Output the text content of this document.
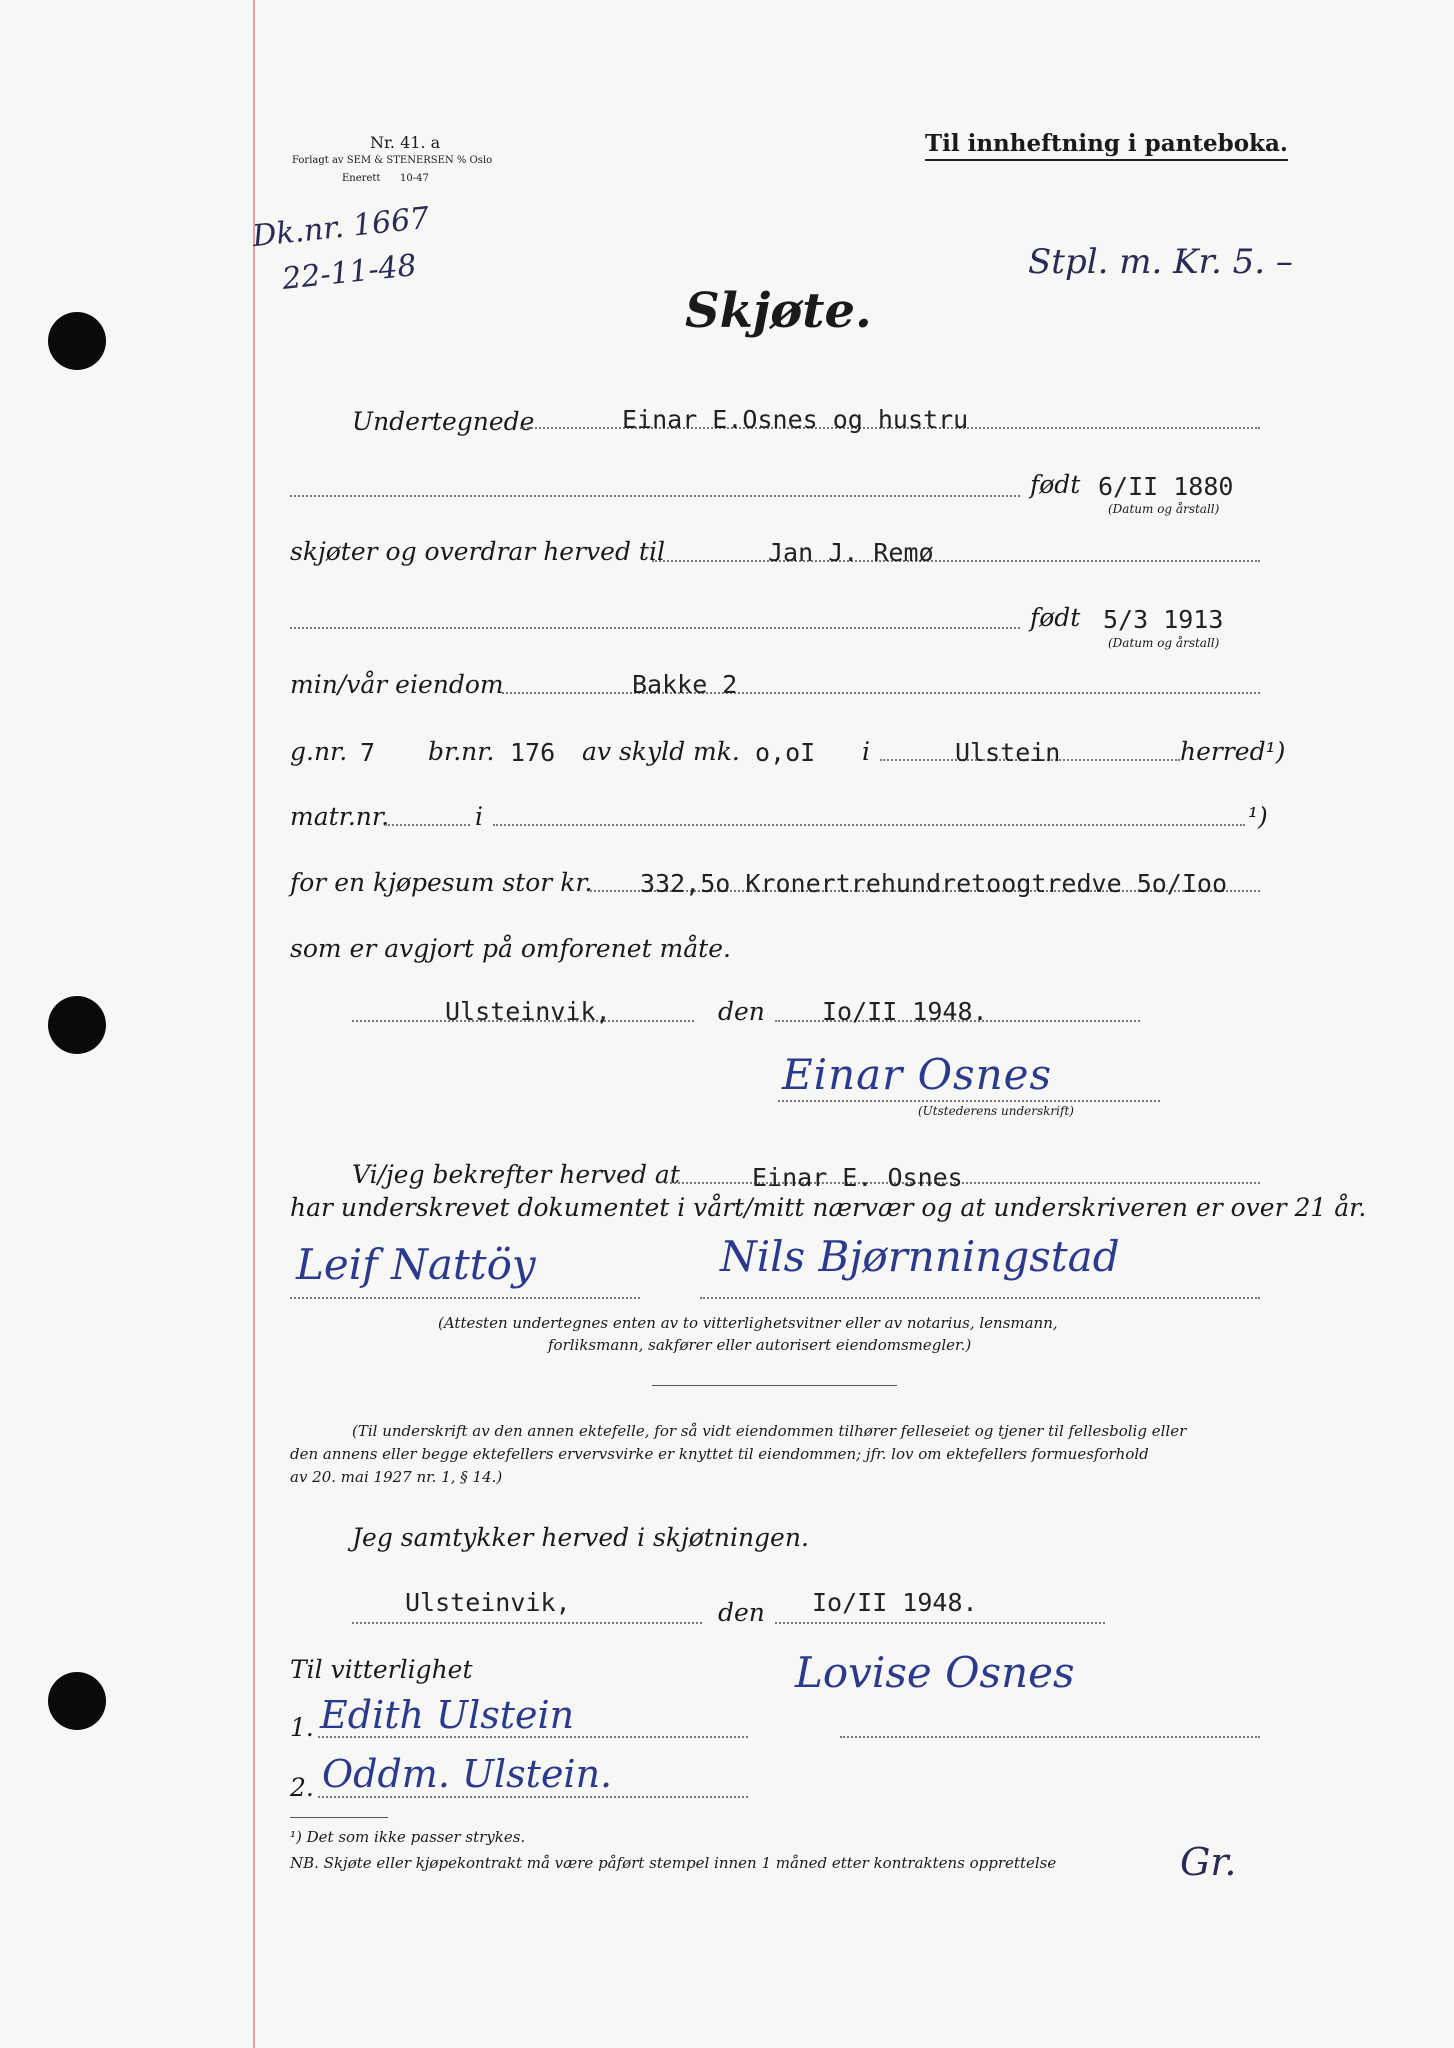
Nr. 41. a
Forlagt av SEM & STENERSEN % Oslo
Enerett 10-47
Til innheftning i panteboka.
Dk.nr. 1667
22-11-48	Stpl. m. Kr. 5. –
Skjøte.
Undertegnede	Einar E.Osnes og hustru
født 6/II 1880
(Datum og årstall)
skjøter og overdrar herved til	Jan J. Remø
født 5/3 1913
(Datum og årstall)
min/vår eiendom	Bakke 2
g.nr. 7 br.nr. 176 av skyld mk. o,oI i	Ulstein	herred¹)
matr.nr.	i	¹)
for en kjøpesum stor kr. 332,5o Kronertrehundretoogtredve 5o/Ioo
som er avgjort på omforenet måte.
Ulsteinvik,	den Io/II 1948.
Einar Osnes
(Utstederens underskrift)
Vi/jeg bekrefter herved at	Einar E. Osnes
har underskrevet dokumentet i vårt/mitt nærvær og at underskriveren er over 21 år.
Leif Nattöy	Nils Bjørnningstad
(Attesten undertegnes enten av to vitterlighetsvitner eller av notarius, lensmann,
forliksmann, sakfører eller autorisert eiendomsmegler.)
(Til underskrift av den annen ektefelle, for så vidt eiendommen tilhører felleseiet og tjener til fellesbolig eller
den annens eller begge ektefellers ervervsvirke er knyttet til eiendommen; jfr. lov om ektefellers formuesforhold
av 20. mai 1927 nr. 1, § 14.)
Jeg samtykker herved i skjøtningen.
Ulsteinvik,	den Io/II 1948.
Til vitterlighet	Lovise Osnes
1. Edith Ulstein
2. Oddm. Ulstein.
¹) Det som ikke passer strykes.
NB. Skjøte eller kjøpekontrakt må være påført stempel innen 1 måned etter kontraktens opprettelse	Gr.
